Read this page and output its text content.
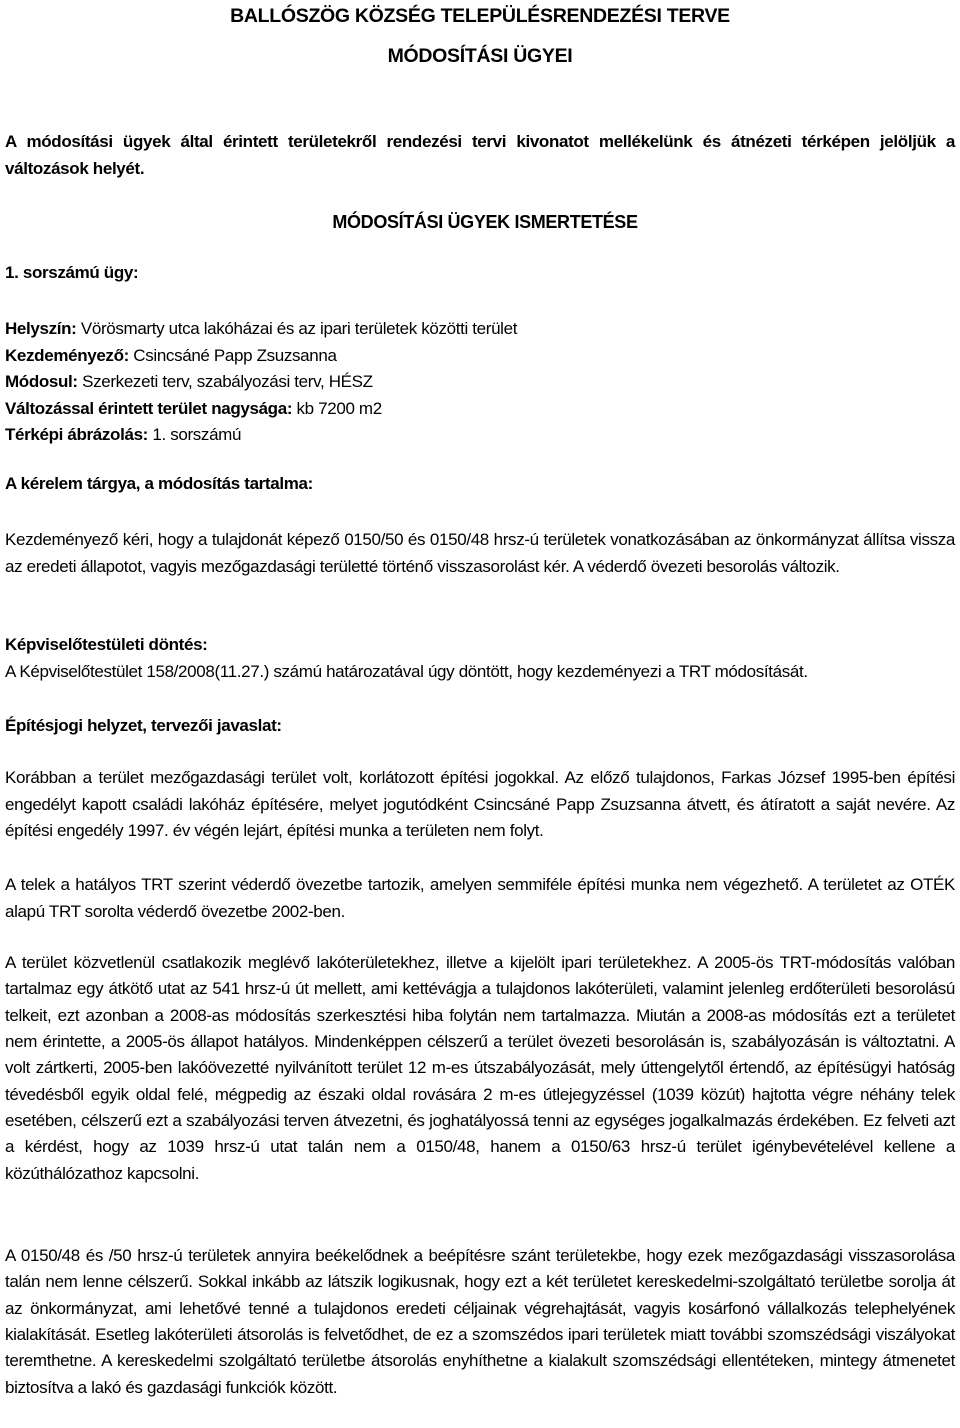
BALLÓSZÖG KÖZSÉG TELEPÜLÉSRENDEZÉSI TERVE
MÓDOSÍTÁSI ÜGYEI
A módosítási ügyek által érintett területekről rendezési tervi kivonatot mellékelünk és átnézeti térképen jelöljük a változások helyét.
MÓDOSÍTÁSI ÜGYEK ISMERTETÉSE
1. sorszámú ügy:
Helyszín: Vörösmarty utca lakóházai és az ipari területek közötti terület
Kezdeményező: Csincsáné Papp Zsuzsanna
Módosul: Szerkezeti terv, szabályozási terv, HÉSZ
Változással érintett terület nagysága: kb 7200 m2
Térképi ábrázolás: 1. sorszámú
A kérelem tárgya, a módosítás tartalma:
Kezdeményező kéri, hogy a tulajdonát képező 0150/50 és 0150/48 hrsz-ú területek vonatkozásában az önkormányzat állítsa vissza az eredeti állapotot, vagyis mezőgazdasági területté történő visszasorolást kér. A véderdő övezeti besorolás változik.
Képviselőtestületi döntés:
A Képviselőtestület 158/2008(11.27.) számú határozatával úgy döntött, hogy kezdeményezi a TRT módosítását.
Építésjogi helyzet, tervezői javaslat:
Korábban a terület mezőgazdasági terület volt, korlátozott építési jogokkal. Az előző tulajdonos, Farkas József 1995-ben építési engedélyt kapott családi lakóház építésére, melyet jogutódként Csincsáné Papp Zsuzsanna átvett, és átíratott a saját nevére. Az építési engedély 1997. év végén lejárt, építési munka a területen nem folyt.
A telek a hatályos TRT szerint véderdő övezetbe tartozik, amelyen semmiféle építési munka nem végezhető. A területet az OTÉK alapú TRT sorolta véderdő övezetbe 2002-ben.
A terület közvetlenül csatlakozik meglévő lakóterületekhez, illetve a kijelölt ipari területekhez. A 2005-ös TRT-módosítás valóban tartalmaz egy átkötő utat az 541 hrsz-ú út mellett, ami kettévágja a tulajdonos lakóterületi, valamint jelenleg erdőterületi besorolású telkeit, ezt azonban a 2008-as módosítás szerkesztési hiba folytán nem tartalmazza. Miután a 2008-as módosítás ezt a területet nem érintette, a 2005-ös állapot hatályos. Mindenképpen célszerű a terület övezeti besorolásán is, szabályozásán is változtatni. A volt zártkerti, 2005-ben lakóövezetté nyilvánított terület 12 m-es útszabályozását, mely úttengelytől értendő, az építésügyi hatóság tévedésből egyik oldal felé, mégpedig az északi oldal rovására 2 m-es útlejegyzéssel (1039 közút) hajtotta végre néhány telek esetében, célszerű ezt a szabályozási terven átvezetni, és joghatályossá tenni az egységes jogalkalmazás érdekében. Ez felveti azt a kérdést, hogy az 1039 hrsz-ú utat talán nem a 0150/48, hanem a 0150/63 hrsz-ú terület igénybevételével kellene a közúthálózathoz kapcsolni.
A 0150/48 és /50 hrsz-ú területek annyira beékelődnek a beépítésre szánt területekbe, hogy ezek mezőgazdasági visszasorolása talán nem lenne célszerű. Sokkal inkább az látszik logikusnak, hogy ezt a két területet kereskedelmi-szolgáltató területbe sorolja át az önkormányzat, ami lehetővé tenné a tulajdonos eredeti céljainak végrehajtását, vagyis kosárfonó vállalkozás telephelyének kialakítását. Esetleg lakóterületi átsorolás is felvetődhet, de ez a szomszédos ipari területek miatt további szomszédsági viszályokat teremthetne. A kereskedelmi szolgáltató területbe átsorolás enyhíthetne a kialakult szomszédsági ellentéteken, mintegy átmenetet biztosítva a lakó és gazdasági funkciók között.
